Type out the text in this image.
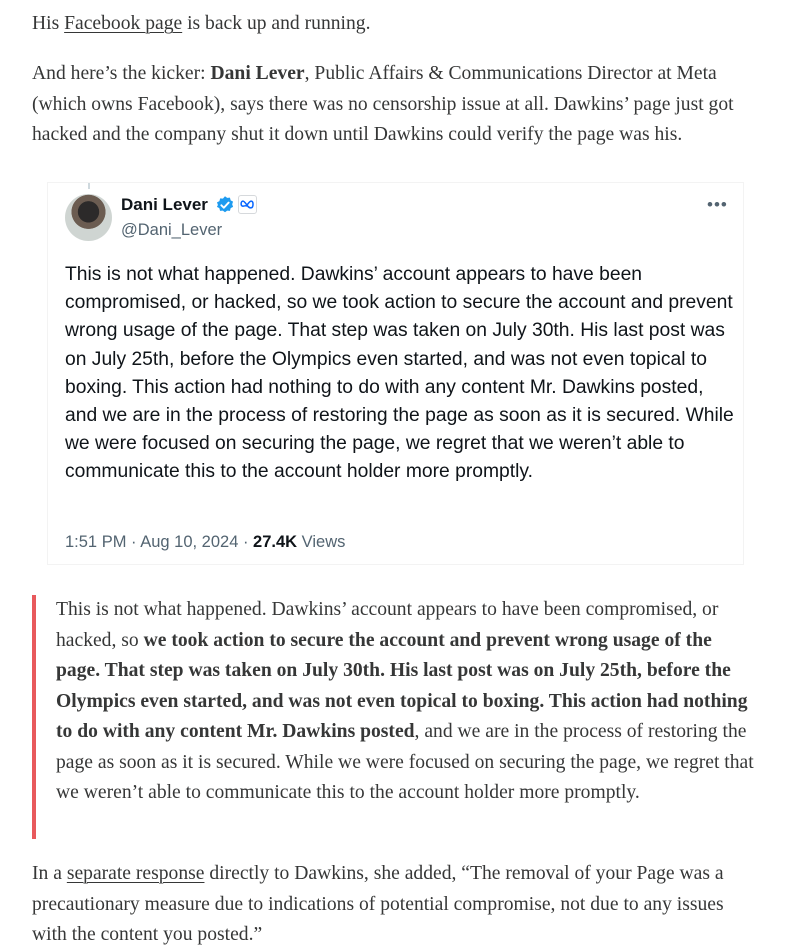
His Facebook page is back up and running.

And here’s the kicker: Dani Lever, Public Affairs & Communications Director at Meta (which owns Facebook), says there was no censorship issue at all. Dawkins’ page just got hacked and the company shut it down until Dawkins could verify the page was his.

Dani Lever
@Dani_Lever
•••

This is not what happened. Dawkins’ account appears to have been compromised, or hacked, so we took action to secure the account and prevent wrong usage of the page. That step was taken on July 30th. His last post was on July 25th, before the Olympics even started, and was not even topical to boxing. This action had nothing to do with any content Mr. Dawkins posted, and we are in the process of restoring the page as soon as it is secured. While we were focused on securing the page, we regret that we weren’t able to communicate this to the account holder more promptly.

1:51 PM · Aug 10, 2024 · 27.4K Views

This is not what happened. Dawkins’ account appears to have been compromised, or hacked, so we took action to secure the account and prevent wrong usage of the page. That step was taken on July 30th. His last post was on July 25th, before the Olympics even started, and was not even topical to boxing. This action had nothing to do with any content Mr. Dawkins posted, and we are in the process of restoring the page as soon as it is secured. While we were focused on securing the page, we regret that we weren’t able to communicate this to the account holder more promptly.

In a separate response directly to Dawkins, she added, “The removal of your Page was a precautionary measure due to indications of potential compromise, not due to any issues with the content you posted.”
